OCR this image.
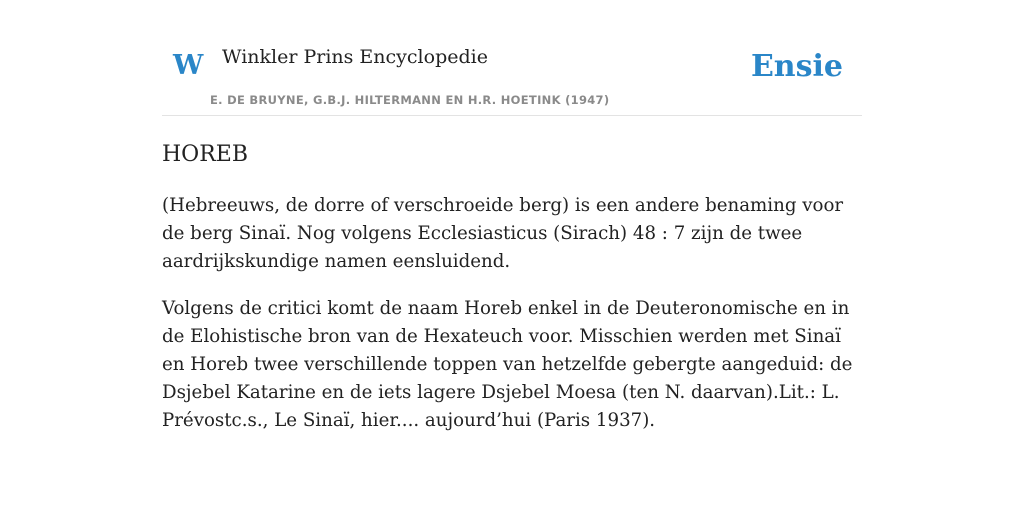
W Winkler Prins Encyclopedie
E. DE BRUYNE, G.B.J. HILTERMANN EN H.R. HOETINK (1947)
Ensie
HOREB

(Hebreeuws, de dorre of verschroeide berg) is een andere benaming voor de berg Sinaï. Nog volgens Ecclesiasticus (Sirach) 48 : 7 zijn de twee aardrijkskundige namen eensluidend.

Volgens de critici komt de naam Horeb enkel in de Deuteronomische en in de Elohistische bron van de Hexateuch voor. Misschien werden met Sinaï en Horeb twee verschillende toppen van hetzelfde gebergte aangeduid: de Dsjebel Katarine en de iets lagere Dsjebel Moesa (ten N. daarvan).Lit.: L. Prévostc.s., Le Sinaï, hier.... aujourd’hui (Paris 1937).
